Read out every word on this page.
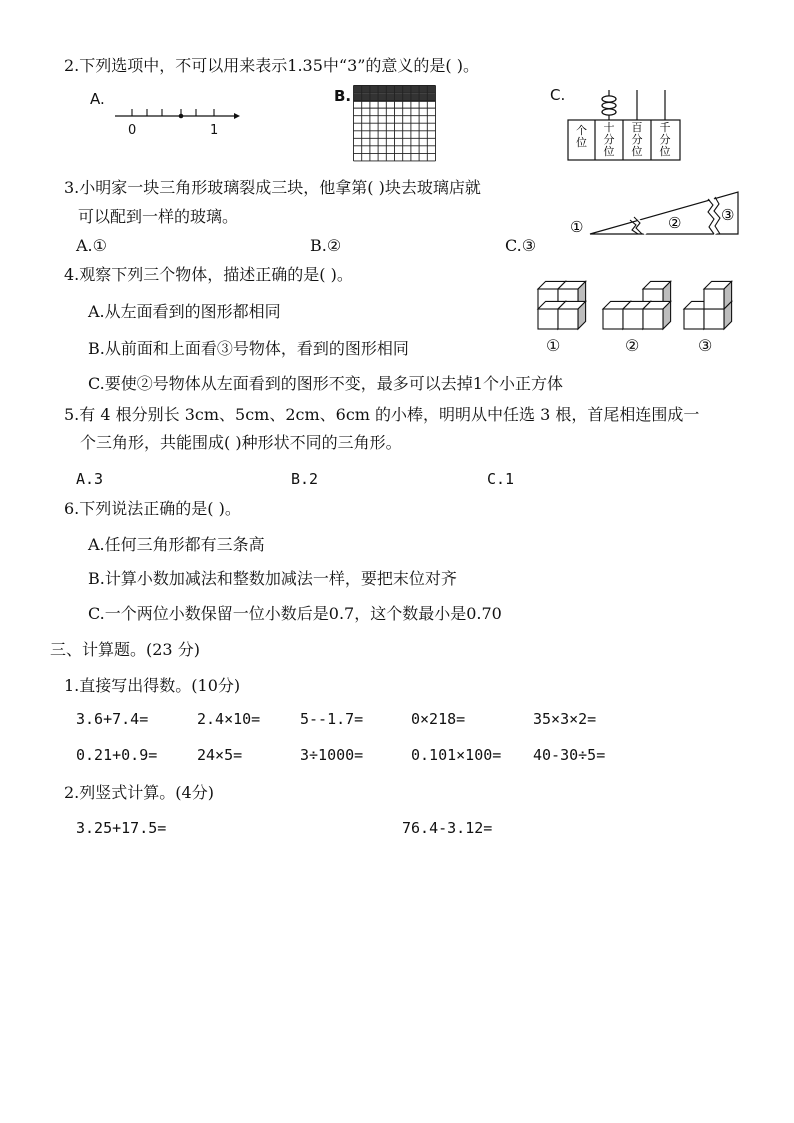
2.下列选项中，不可以用来表示1.35中“3”的意义的是( )。
A.
0	1
B.	C.
个
位
十
分
位
百
分
位
千
分
位
3.小明家一块三角形玻璃裂成三块，他拿第( )块去玻璃店就
可以配到一样的玻璃。
A.①	B.②	C.③
①	②	③
4.观察下列三个物体，描述正确的是( )。
A.从左面看到的图形都相同
B.从前面和上面看③号物体，看到的图形相同
C.要使②号物体从左面看到的图形不变，最多可以去掉1个小正方体
①	②	③
5.有 4 根分别长 3cm、5cm、2cm、6cm 的小棒，明明从中任选 3 根，首尾相连围成一
个三角形，共能围成( )种形状不同的三角形。
A.3	B.2	C.1
6.下列说法正确的是( )。
A.任何三角形都有三条高
B.计算小数加减法和整数加减法一样，要把末位对齐
C.一个两位小数保留一位小数后是0.7，这个数最小是0.70
三、计算题。(23 分)
1.直接写出得数。(10分)
3.6+7.4=	2.4×10=	5--1.7=	0×218=	35×3×2=
0.21+0.9=	24×5=	3÷1000=	0.101×100= 40-30÷5=
2.列竖式计算。(4分)
3.25+17.5=	76.4-3.12=
